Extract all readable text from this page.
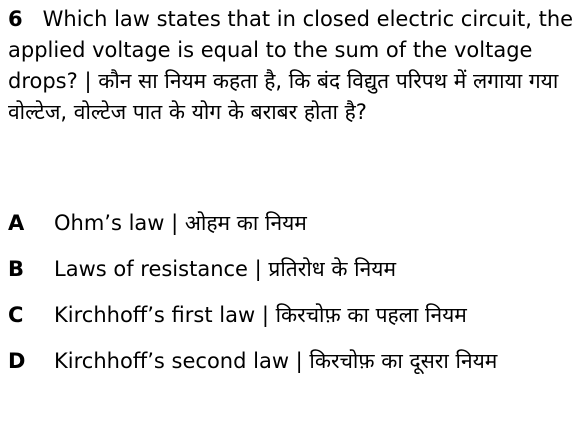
6 Which law states that in closed electric circuit, the applied voltage is equal to the sum of the voltage drops? | कौन सा नियम कहता है, कि बंद विद्युत परिपथ में लगाया गया वोल्टेज, वोल्टेज पात के योग के बराबर होता है?
A Ohm’s law | ओहम का नियम
B Laws of resistance | प्रतिरोध के नियम
C Kirchhoff’s first law | किरचोफ़ का पहला नियम
D Kirchhoff’s second law | किरचोफ़ का दूसरा नियम
